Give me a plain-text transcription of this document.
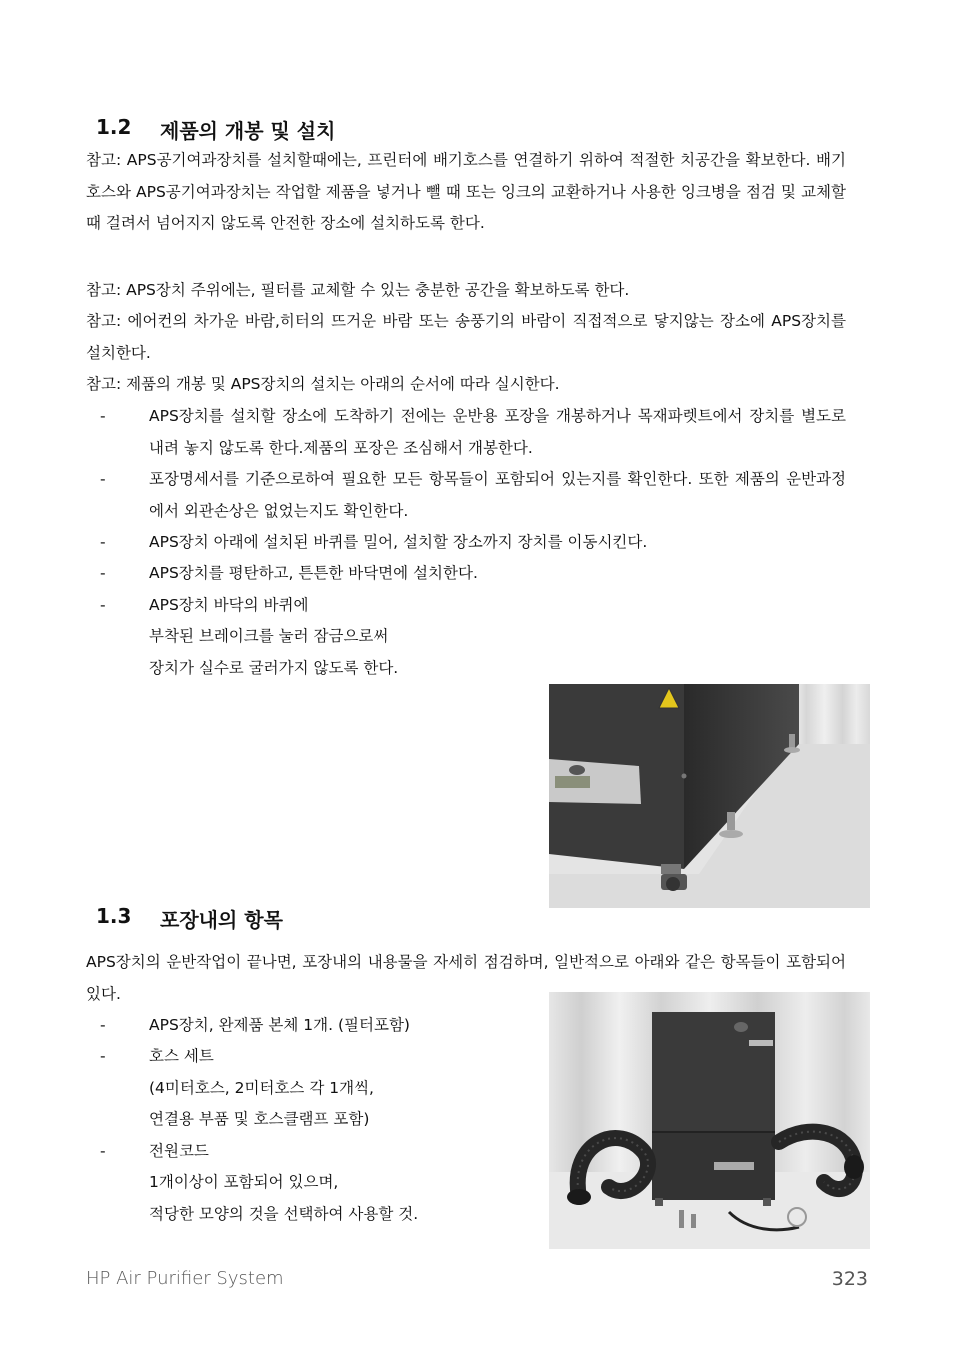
1.2 제품의 개봉 및 설치
참고: APS공기여과장치를 설치할때에는, 프린터에 배기호스를 연결하기 위하여 적절한 치공간을 확보한다. 배기호스와 APS공기여과장치는 작업할 제품을 넣거나 뺄 때 또는 잉크의 교환하거나 사용한 잉크병을 점검 및 교체할 때 걸려서 넘어지지 않도록 안전한 장소에 설치하도록 한다.
참고: APS장치 주위에는, 필터를 교체할 수 있는 충분한 공간을 확보하도록 한다.
참고: 에어컨의 차가운 바람,히터의 뜨거운 바람 또는 송풍기의 바람이 직접적으로 닿지않는 장소에 APS장치를 설치한다.
참고: 제품의 개봉 및 APS장치의 설치는 아래의 순서에 따라 실시한다.
-	APS장치를 설치할 장소에 도착하기 전에는 운반용 포장을 개봉하거나 목재파렛트에서 장치를 별도로 내려 놓지 않도록 한다.제품의 포장은 조심해서 개봉한다.
-	포장명세서를 기준으로하여 필요한 모든 항목들이 포함되어 있는지를 확인한다. 또한 제품의 운반과정에서 외관손상은 없었는지도 확인한다.
-	APS장치 아래에 설치된 바퀴를 밀어, 설치할 장소까지 장치를 이동시킨다.
-	APS장치를 평탄하고, 튼튼한 바닥면에 설치한다.
-	APS장치 바닥의 바퀴에
부착된 브레이크를 눌러 잠금으로써
장치가 실수로 굴러가지 않도록 한다.
1.3 포장내의 항목
APS장치의 운반작업이 끝나면, 포장내의 내용물을 자세히 점검하며, 일반적으로 아래와 같은 항목들이 포함되어 있다.
-	APS장치, 완제품 본체 1개. (필터포함)
-	호스 세트
(4미터호스, 2미터호스 각 1개씩,
연결용 부품 및 호스클램프 포함)
-	전원코드
1개이상이 포함되어 있으며,
적당한 모양의 것을 선택하여 사용할 것.
HP Air Purifier System	323
